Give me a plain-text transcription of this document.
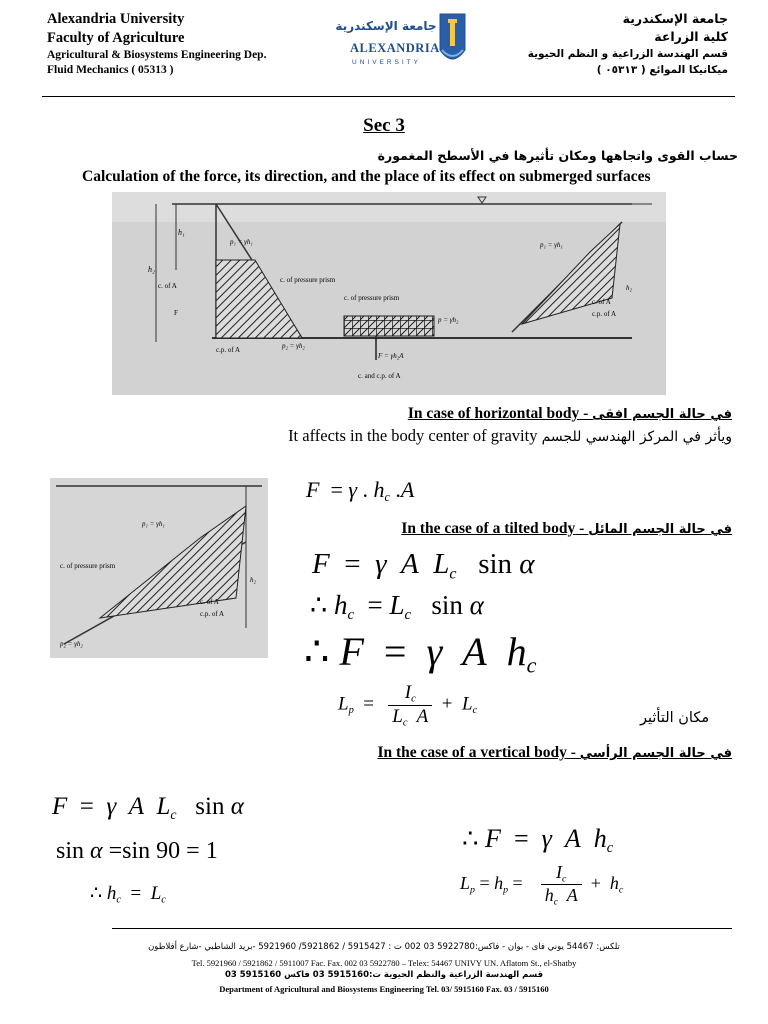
Alexandria University
Faculty of Agriculture
Agricultural & Biosystems Engineering Dep.
Fluid Mechanics ( 05313 )
جامعة الإسكندرية
ALEXANDRIA
UNIVERSITY
جامعة الإسكندرية
كلية الزراعة
قسم الهندسة الزراعية و النظم الحيوية
ميكانيكا الموائع ( ٠٥٣١٣ )
Sec 3
حساب القوى واتجاهها ومكان تأثيرها في الأسطح المغمورة
Calculation of the force, its direction, and the place of its effect on submerged surfaces
h₁
h₂
p₁ = γh₁
c. of A
F
c.p. of A	p₂ = γh₂
c. of pressure prism
c. of pressure prism
p = γh₂
F = γh₂A
c. and c.p. of A
p₁ = γh₁
h₂
c. of A
c.p. of A
In case of horizontal body - في حالة الجسم افقى
It affects in the body center of gravity ويأثر في المركز الهندسي للجسم
F  = γ . $h_c$ .A
p₁ = γh₁
h₂
c. of A
c.p. of A
p₂ = γh₂
c. of pressure prism
In the case of a tilted body - في حالة الجسم المائل
F  =  γ  A  $L_c$ sin α
∴ $h_c = L_c$ sin α
∴ F  =  γ  A  $h_c$
$L_p = \frac{I_c}{L_c A} + L_c$	مكان التأثير
In the case of a vertical body - في حالة الجسم الرأسي
F  =  γ  A  $L_c$ sin α
sin α =sin 90 = 1
∴ $h_c = L_c$
∴ F  =  γ  A  $h_c$
$L_p = h_p = \frac{I_c}{h_c A} + h_c$
تلكس: 54467 يوني فاى - بوان - فاكس:5922780 03 002 ت : 5915427 / 5921862/ 5921960 -بريد الشاطبي -شارع أفلاطون
Tel. 5921960 / 5921862 / 5911007 Fac. Fax. 002 03 5922780 – Telex: 54467 UNIVY UN. Aflatom St., el-Shatby
قسم الهندسة الزراعية والنظم الحيوية ت:5915160 03 فاكس 5915160 03
Department of Agricultural and Biosystems Engineering Tel. 03/ 5915160 Fax. 03 / 5915160
